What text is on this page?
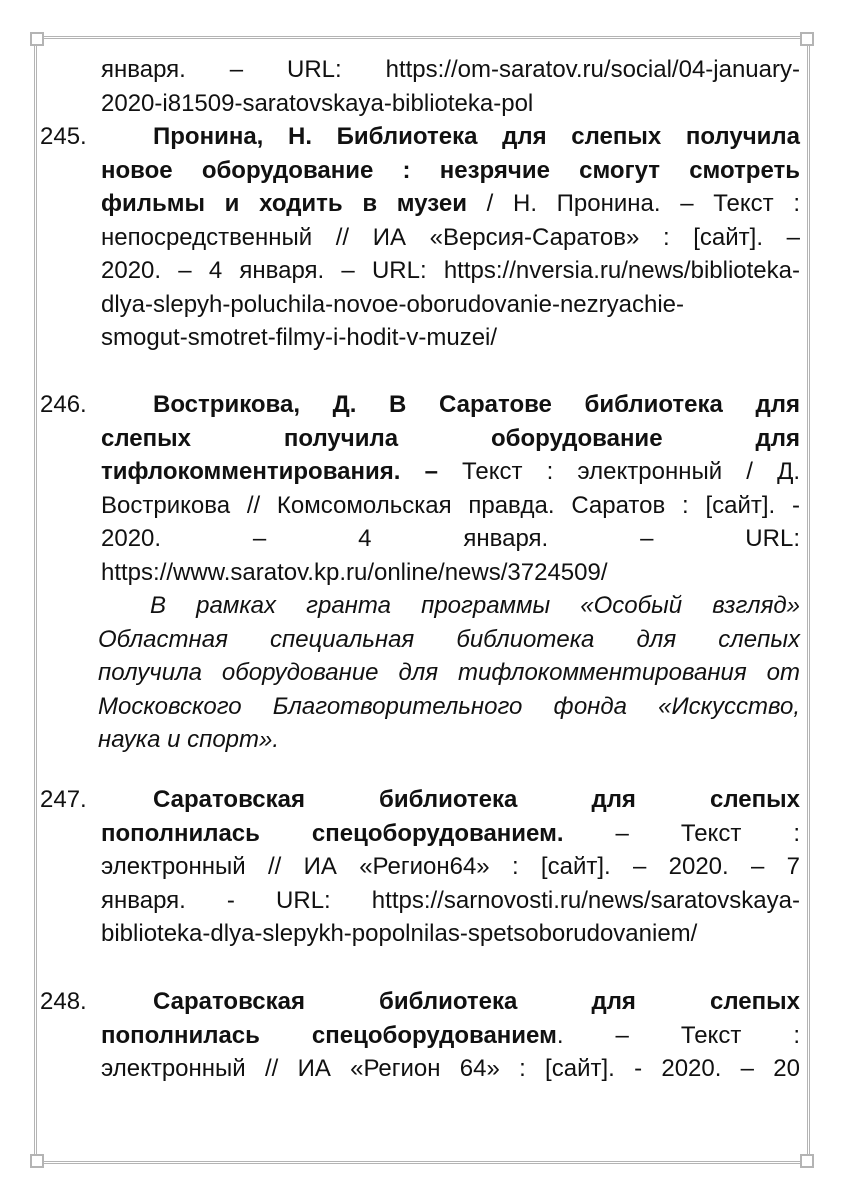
января. – URL: https://om-saratov.ru/social/04-january-
2020-i81509-saratovskaya-biblioteka-pol
245.	Пронина, Н. Библиотека для слепых получила
новое оборудование : незрячие смогут смотреть
фильмы и ходить в музеи / Н. Пронина. – Текст :
непосредственный // ИА «Версия-Саратов» : [сайт]. –
2020. – 4 января. – URL: https://nversia.ru/news/biblioteka-
dlya-slepyh-poluchila-novoe-oborudovanie-nezryachie-
smogut-smotret-filmy-i-hodit-v-muzei/
246.	Вострикова, Д. В Саратове библиотека для
слепых получила оборудование для
тифлокомментирования. – Текст : электронный / Д.
Вострикова // Комсомольская правда. Саратов : [сайт]. -
2020. – 4 января. – URL:
https://www.saratov.kp.ru/online/news/3724509/
В рамках гранта программы «Особый взгляд»
Областная специальная библиотека для слепых
получила оборудование для тифлокомментирования от
Московского Благотворительного фонда «Искусство,
наука и спорт».
247.	Саратовская библиотека для слепых
пополнилась спецоборудованием. – Текст :
электронный // ИА «Регион64» : [сайт]. – 2020. – 7
января. - URL: https://sarnovosti.ru/news/saratovskaya-
biblioteka-dlya-slepykh-popolnilas-spetsoborudovaniem/
248.	Саратовская библиотека для слепых
пополнилась спецоборудованием. – Текст :
электронный // ИА «Регион 64» : [сайт]. - 2020. – 20
